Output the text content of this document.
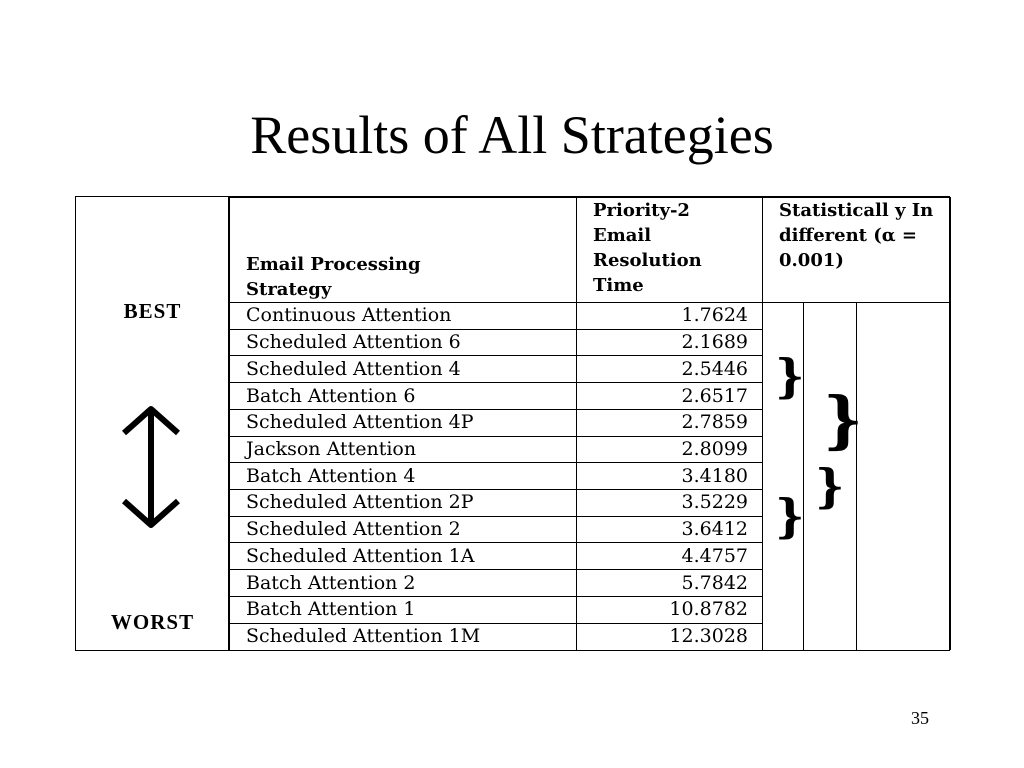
Results of All Strategies
BEST
WORST
Email Processing Strategy	Priority-2 Email Resolution Time	Statisticall y Indifferent (α = 0.001)

Continuous Attention	1.7624	}
}
}
}

Scheduled Attention 6	2.1689	
Scheduled Attention 4	2.5446	
Batch Attention 6	2.6517	
Scheduled Attention 4P	2.7859	
Jackson Attention	2.8099	
Batch Attention 4	3.4180	
Scheduled Attention 2P	3.5229	
Scheduled Attention 2	3.6412	
Scheduled Attention 1A	4.4757	
Batch Attention 2	5.7842	
Batch Attention 1	10.8782	
Scheduled Attention 1M	12.3028	
35
